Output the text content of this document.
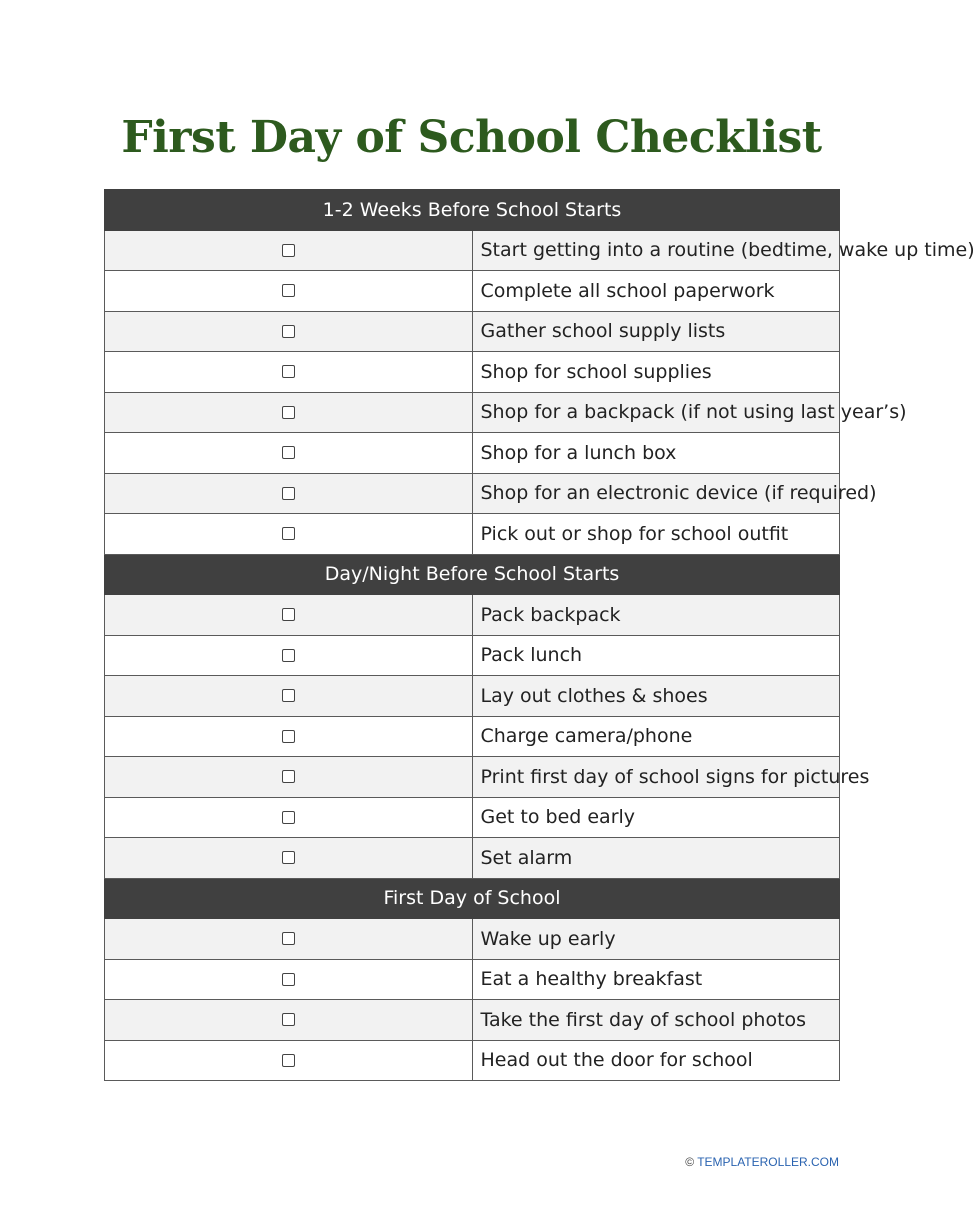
First Day of School Checklist
1-2 Weeks Before School Starts	
	Start getting into a routine (bedtime, wake up time)
	Complete all school paperwork
	Gather school supply lists
	Shop for school supplies
	Shop for a backpack (if not using last year’s)
	Shop for a lunch box
	Shop for an electronic device (if required)
	Pick out or shop for school outfit
Day/Night Before School Starts	
	Pack backpack
	Pack lunch
	Lay out clothes & shoes
	Charge camera/phone
	Print first day of school signs for pictures
	Get to bed early
	Set alarm
First Day of School	
	Wake up early
	Eat a healthy breakfast
	Take the first day of school photos
	Head out the door for school
© TEMPLATEROLLER.COM
